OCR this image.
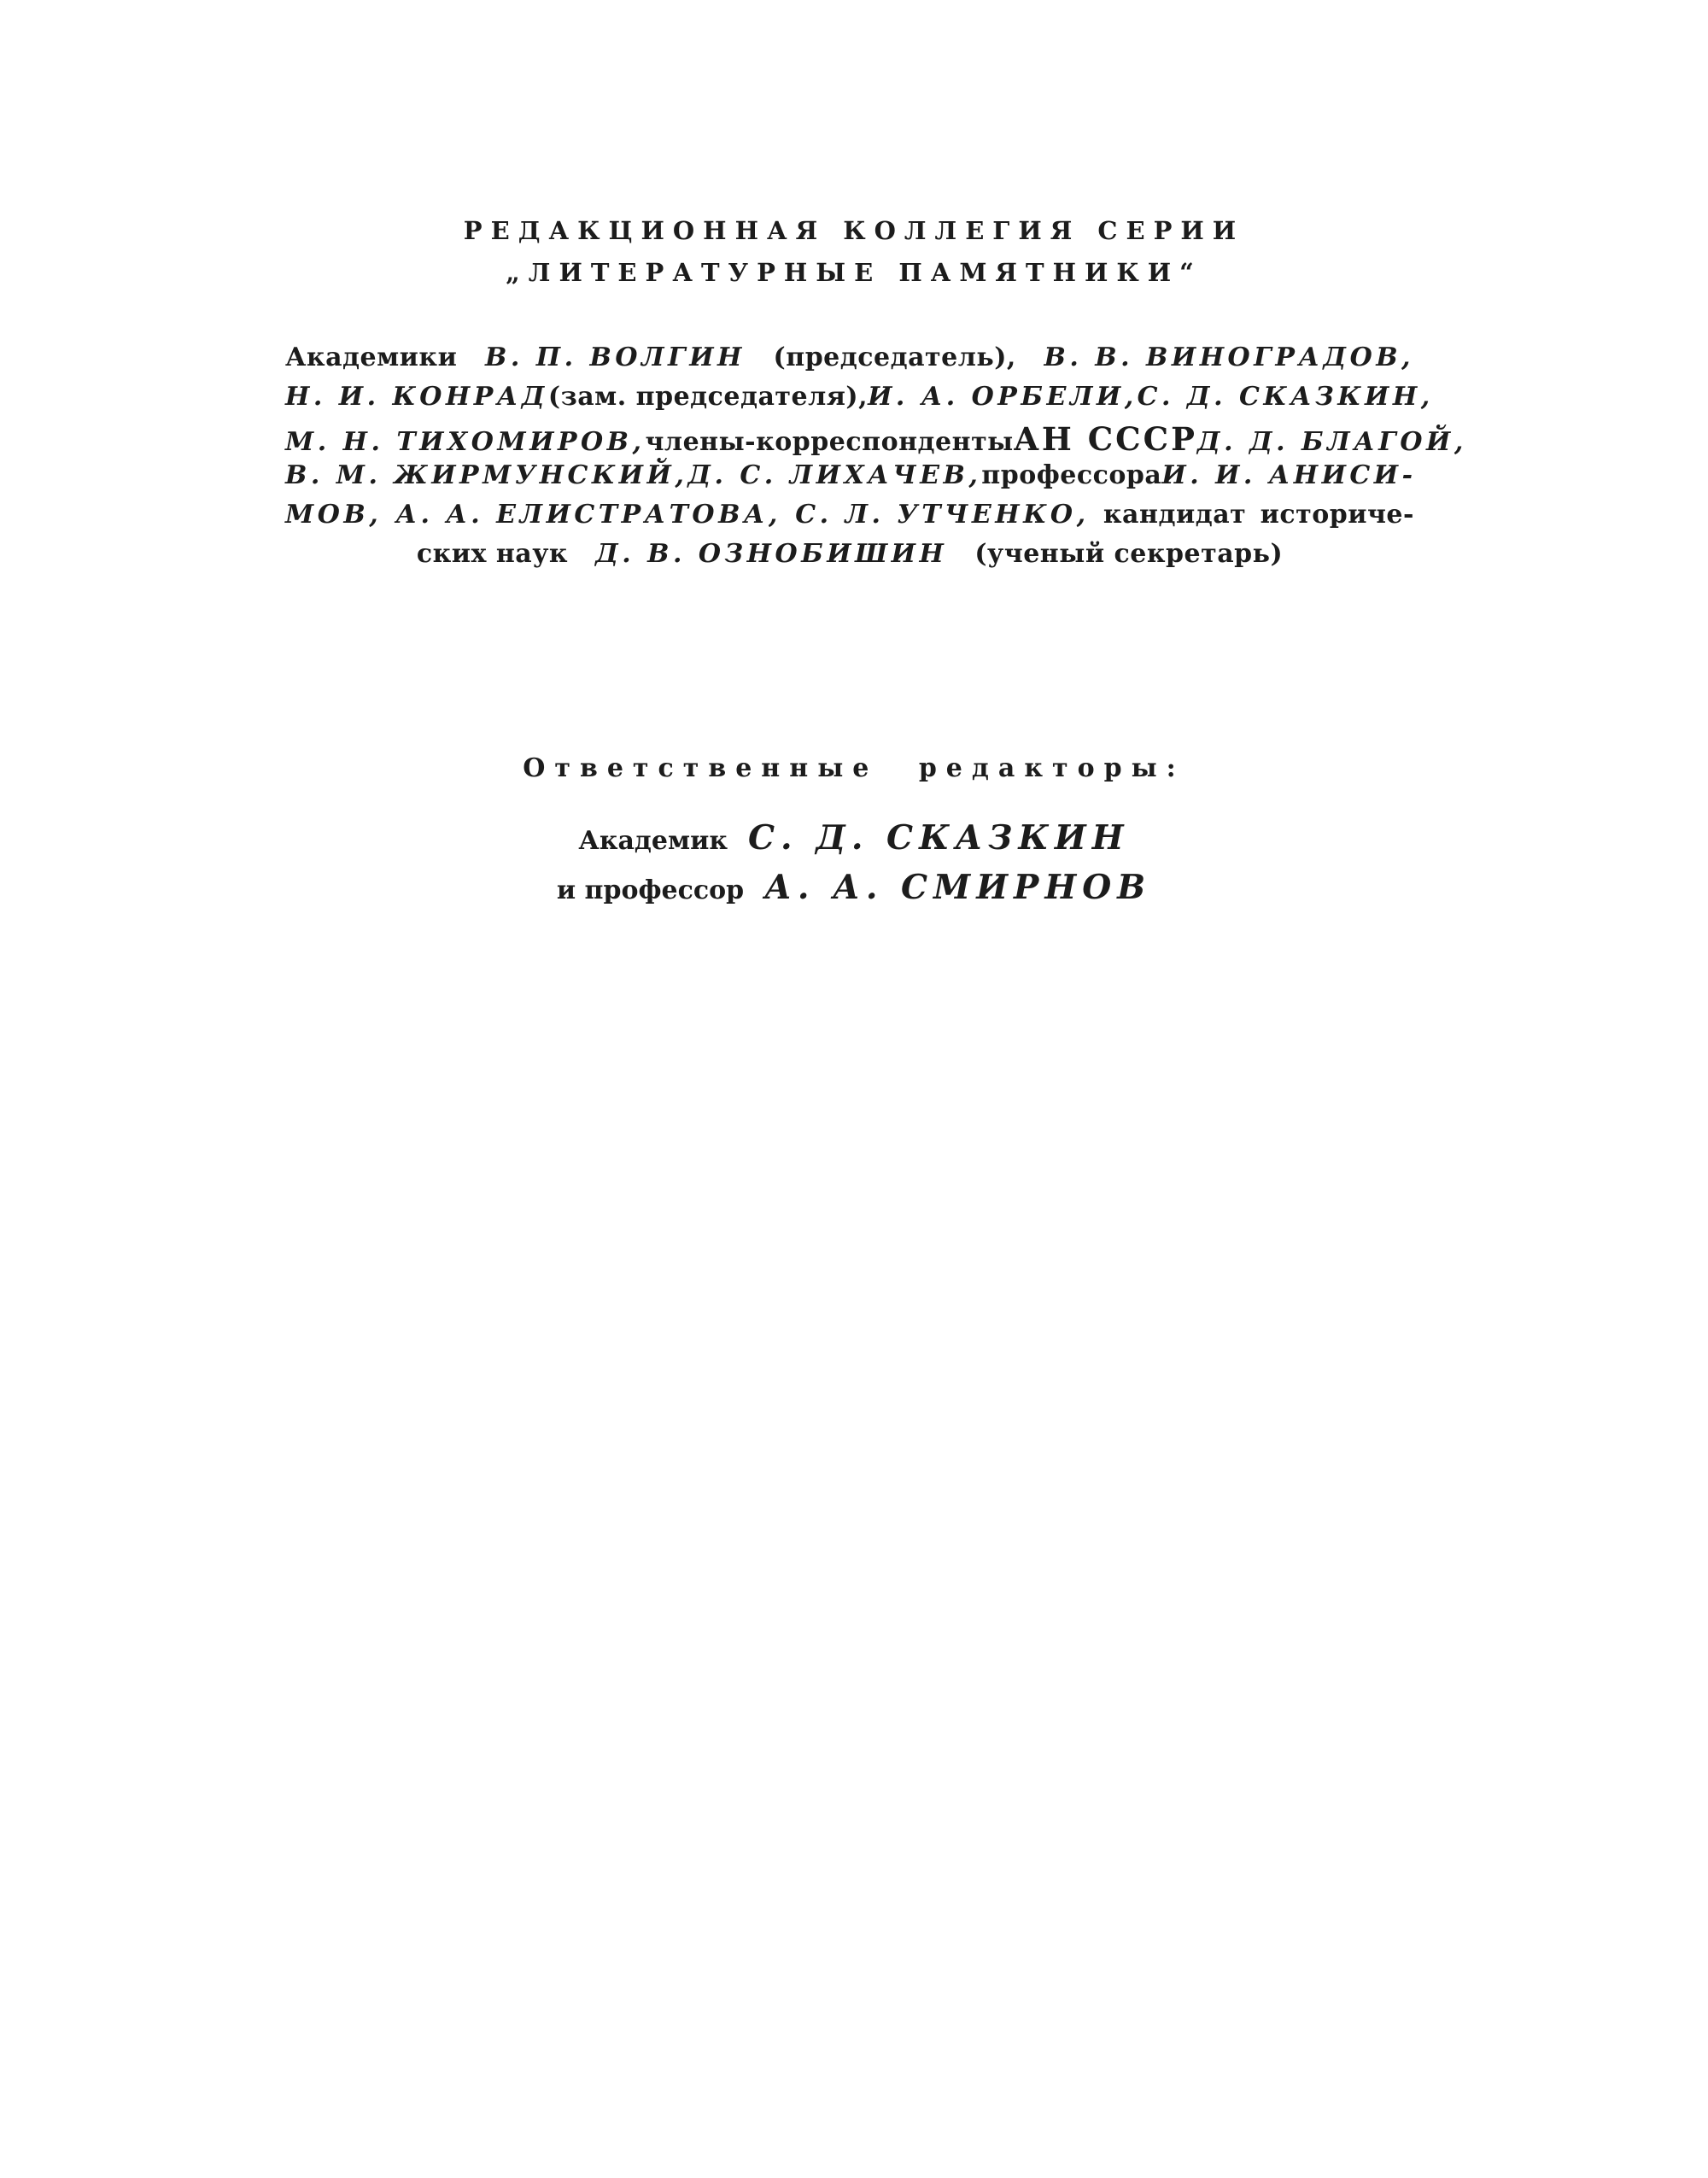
РЕДАКЦИОННАЯ КОЛЛЕГИЯ СЕРИИ
„ЛИТЕРАТУРНЫЕ ПАМЯТНИКИ“
Академики В. П. ВОЛГИН (председатель), В. В. ВИНОГРАДОВ,
Н. И. КОНРАД (зам. председателя), И. А. ОРБЕЛИ, С. Д. СКАЗКИН,
М. Н. ТИХОМИРОВ, члены-корреспонденты АН СССР Д. Д. БЛАГОЙ,
В. М. ЖИРМУНСКИЙ, Д. С. ЛИХАЧЕВ, профессора И. И. АНИСИ-
МОВ, А. А. ЕЛИСТРАТОВА, С. Л. УТЧЕНКО, кандидат историче-
ских наук Д. В. ОЗНОБИШИН (ученый секретарь)
Ответственные редакторы:
Академик С. Д. СКАЗКИН
и профессор А. А. СМИРНОВ
